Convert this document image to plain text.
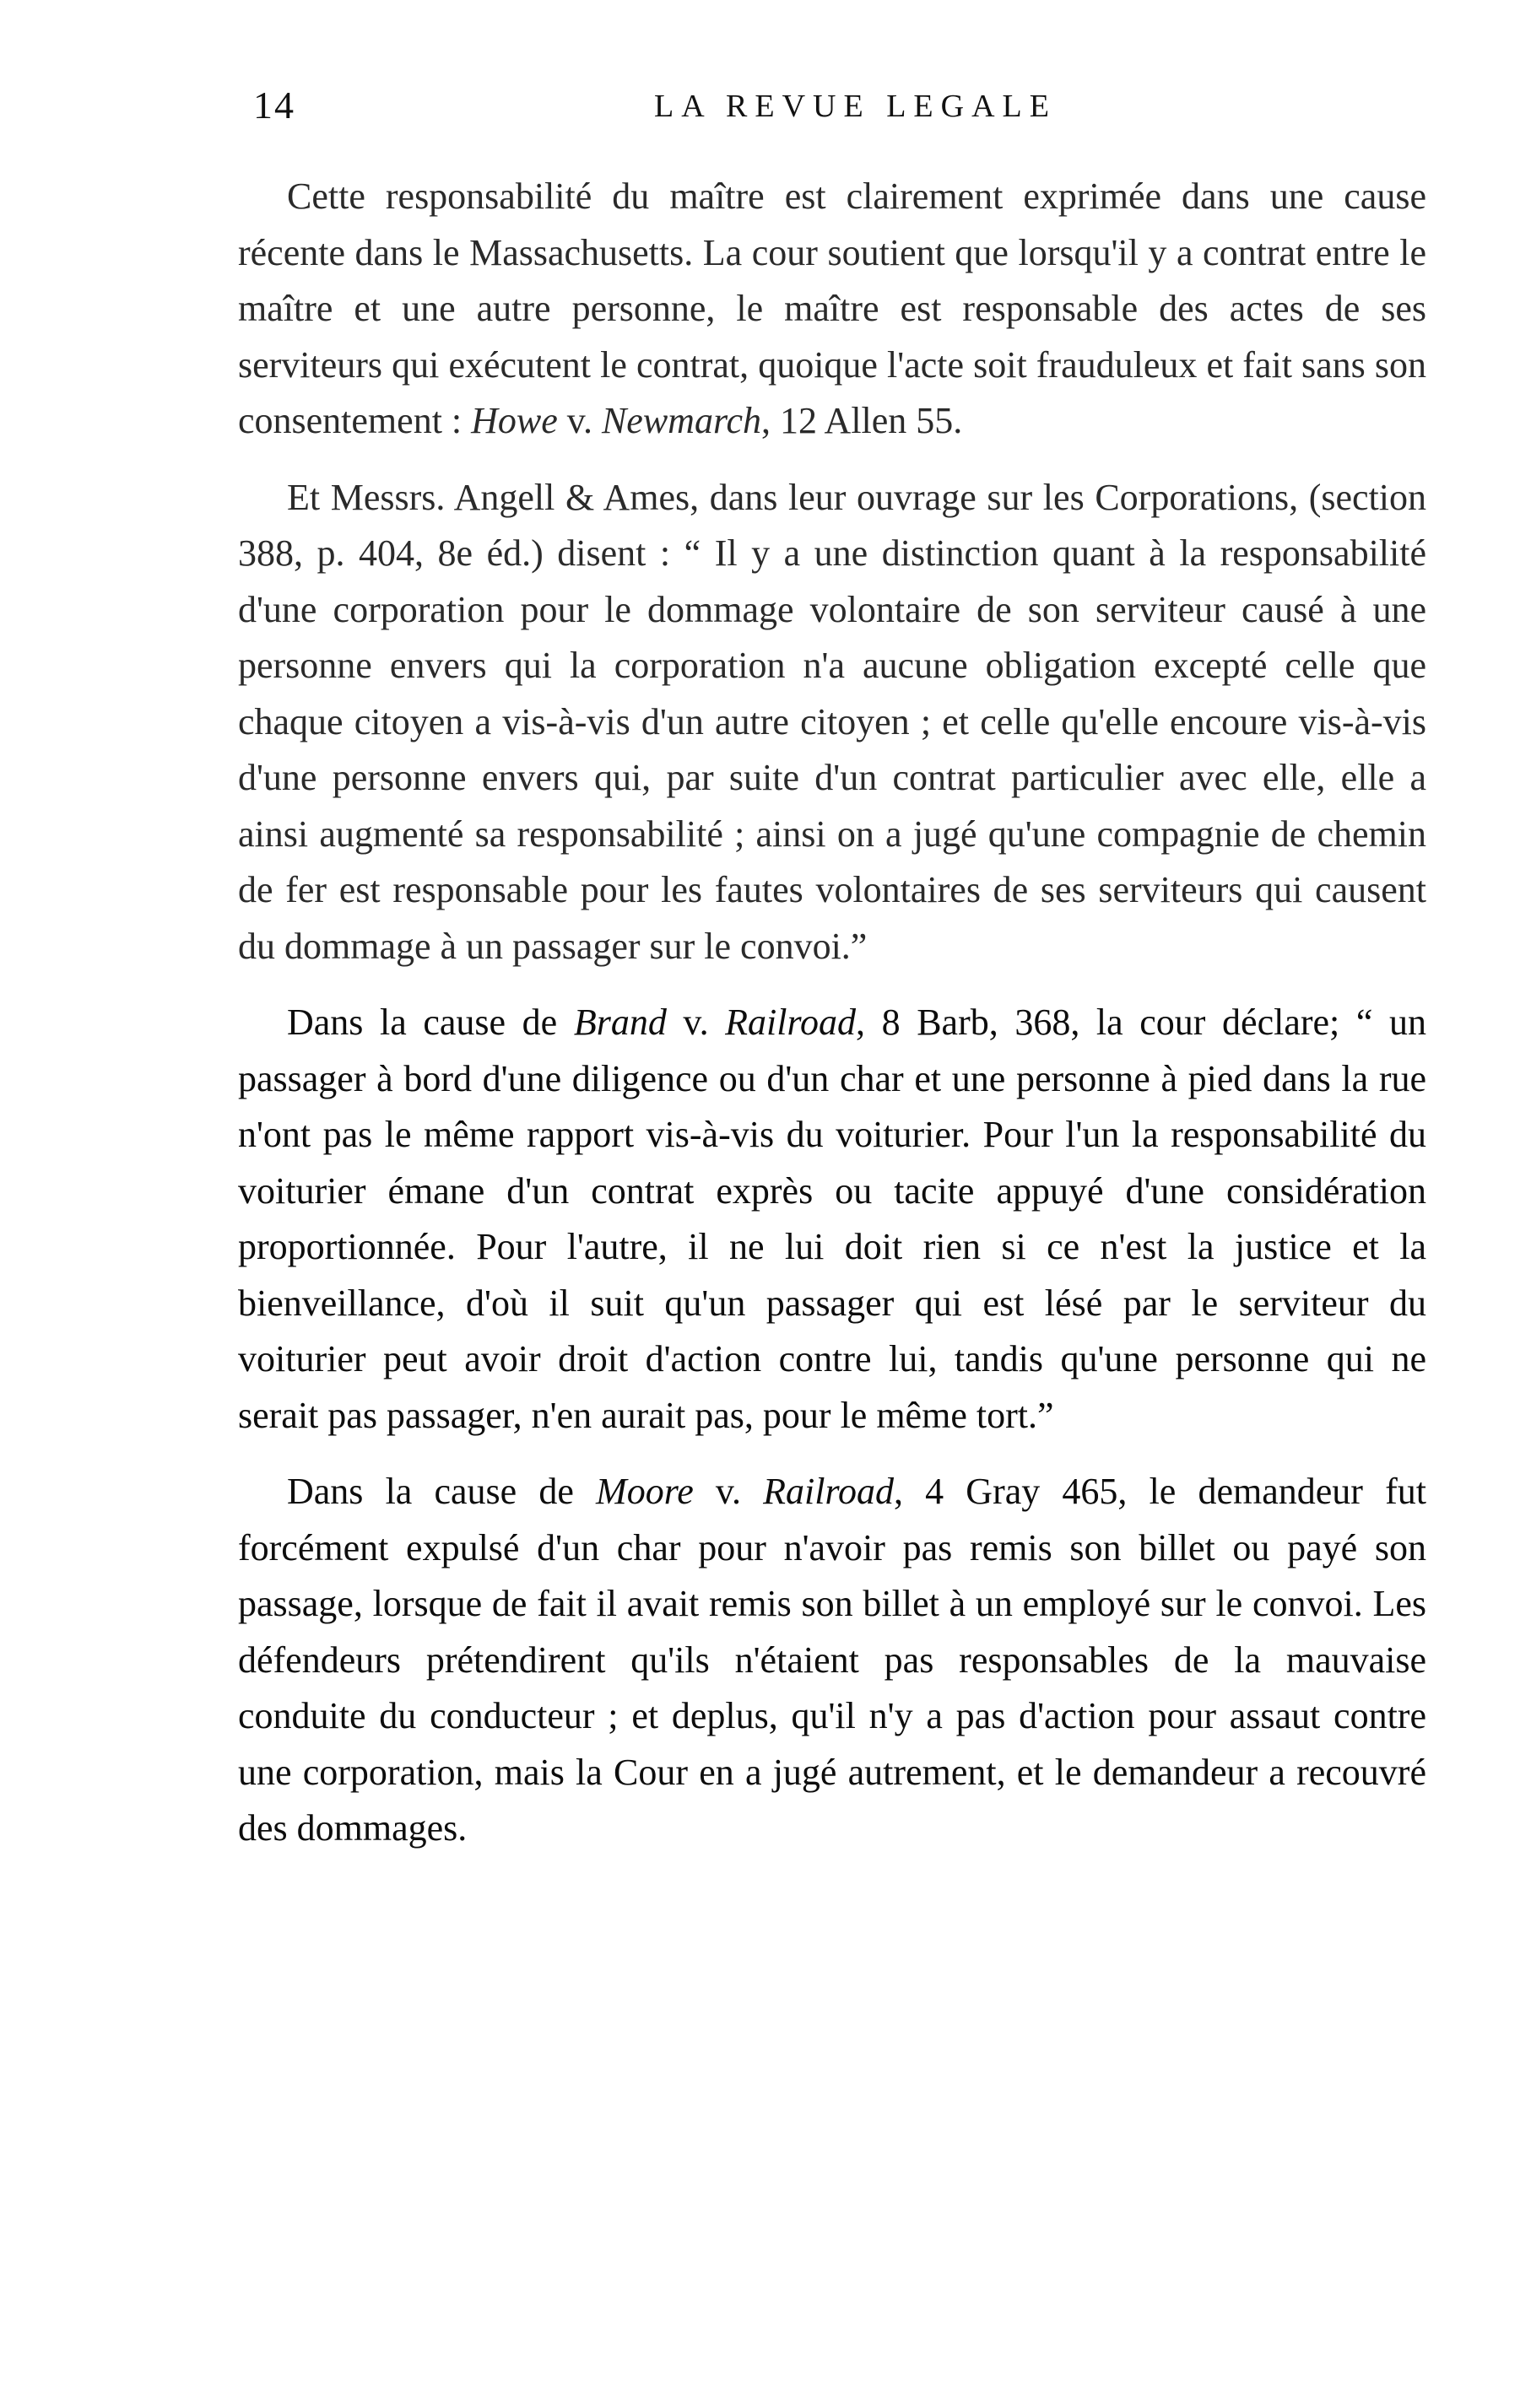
14	LA REVUE LEGALE

Cette responsabilité du maître est clairement exprimée dans une cause récente dans le Massachusetts. La cour soutient que lorsqu'il y a contrat entre le maître et une autre personne, le maître est responsable des actes de ses serviteurs qui exécutent le contrat, quoique l'acte soit frauduleux et fait sans son consentement : Howe v. Newmarch, 12 Allen 55.

Et Messrs. Angell & Ames, dans leur ouvrage sur les Corporations, (section 388, p. 404, 8e éd.) disent : “ Il y a une distinction quant à la responsabilité d'une corporation pour le dommage volontaire de son serviteur causé à une personne envers qui la corporation n'a aucune obligation excepté celle que chaque citoyen a vis-à-vis d'un autre citoyen ; et celle qu'elle encoure vis-à-vis d'une personne envers qui, par suite d'un contrat particulier avec elle, elle a ainsi augmenté sa responsabilité ; ainsi on a jugé qu'une compagnie de chemin de fer est responsable pour les fautes volontaires de ses serviteurs qui causent du dommage à un passager sur le convoi.”

Dans la cause de Brand v. Railroad, 8 Barb, 368, la cour déclare; “ un passager à bord d'une diligence ou d'un char et une personne à pied dans la rue n'ont pas le même rapport vis-à-vis du voiturier. Pour l'un la responsabilité du voiturier émane d'un contrat exprès ou tacite appuyé d'une considération proportionnée. Pour l'autre, il ne lui doit rien si ce n'est la justice et la bienveillance, d'où il suit qu'un passager qui est lésé par le serviteur du voiturier peut avoir droit d'action contre lui, tandis qu'une personne qui ne serait pas passager, n'en aurait pas, pour le même tort.”

Dans la cause de Moore v. Railroad, 4 Gray 465, le demandeur fut forcément expulsé d'un char pour n'avoir pas remis son billet ou payé son passage, lorsque de fait il avait remis son billet à un employé sur le convoi. Les défendeurs prétendirent qu'ils n'étaient pas responsables de la mauvaise conduite du conducteur ; et deplus, qu'il n'y a pas d'action pour assaut contre une corporation, mais la Cour en a jugé autrement, et le demandeur a recouvré des dommages.
